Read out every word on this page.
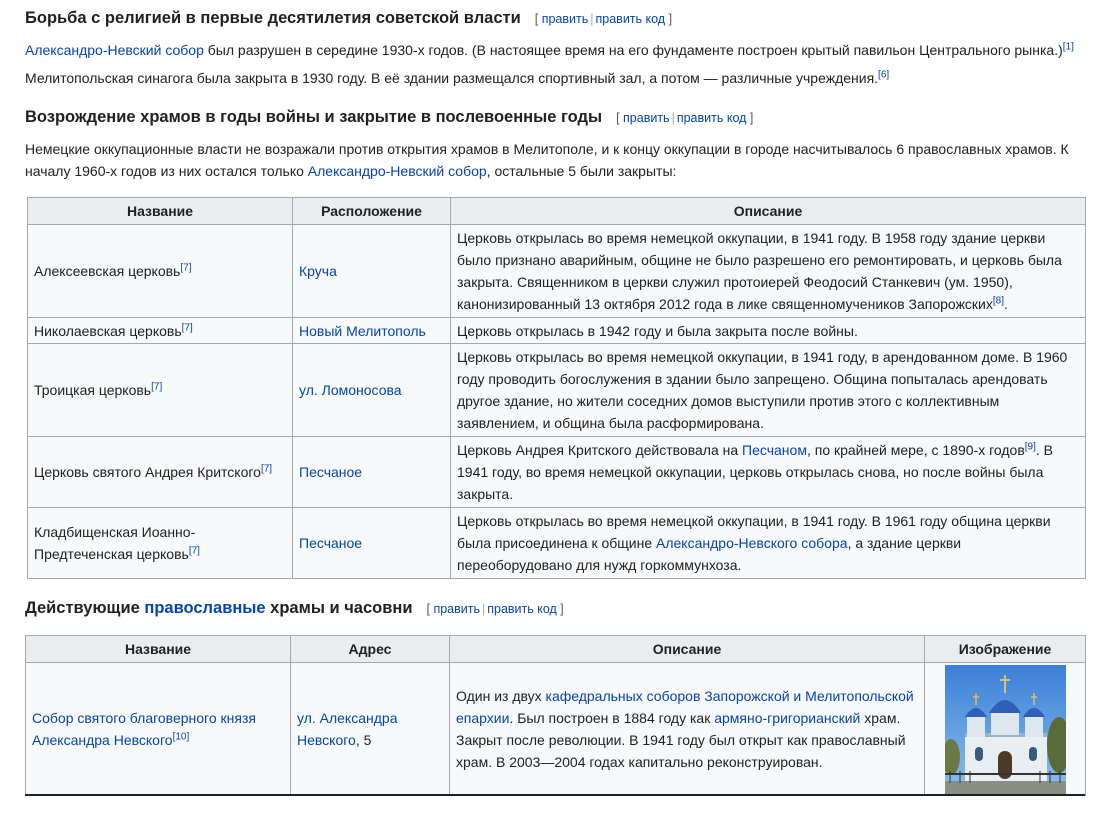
Борьба с религией в первые десятилетия советской власти [ править | править код ]

Александро-Невский собор был разрушен в середине 1930-х годов. (В настоящее время на его фундаменте построен крытый павильон Центрального рынка.)[1]

Мелитопольская синагога была закрыта в 1930 году. В её здании размещался спортивный зал, а потом — различные учреждения.[6]

Возрождение храмов в годы войны и закрытие в послевоенные годы [ править | править код ]

Немецкие оккупационные власти не возражали против открытия храмов в Мелитополе, и к концу оккупации в городе насчитывалось 6 православных храмов. К

началу 1960-х годов из них остался только Александро-Невский собор, остальные 5 были закрыты:

Название	Расположение	Описание
Алексеевская церковь[7]	Круча	Церковь открылась во время немецкой оккупации, в 1941 году. В 1958 году здание церкви было признано аварийным, общине не было разрешено его ремонтировать, и церковь была закрыта. Священником в церкви служил протоиерей Феодосий Станкевич (ум. 1950), канонизированный 13 октября 2012 года в лике священномучеников Запорожских[8].
Николаевская церковь[7]	Новый Мелитополь	Церковь открылась в 1942 году и была закрыта после войны.
Троицкая церковь[7]	ул. Ломоносова	Церковь открылась во время немецкой оккупации, в 1941 году, в арендованном доме. В 1960 году проводить богослужения в здании было запрещено. Община попыталась арендовать другое здание, но жители соседних домов выступили против этого с коллективным заявлением, и община была расформирована.
Церковь святого Андрея Критского[7]	Песчаное	Церковь Андрея Критского действовала на Песчаном, по крайней мере, с 1890-х годов[9]. В 1941 году, во время немецкой оккупации, церковь открылась снова, но после войны была закрыта.
Кладбищенская Иоанно-Предтеченская церковь[7]	Песчаное	Церковь открылась во время немецкой оккупации, в 1941 году. В 1961 году община церкви была присоединена к общине Александро-Невского собора, а здание церкви переоборудовано для нужд горкоммунхоза.
Действующие православные храмы и часовни [ править | править код ]
Название	Адрес	Описание	Изображение
Собор святого благоверного князя Александра Невского[10]	ул. Александра Невского, 5	Один из двух кафедральных соборов Запорожской и Мелитопольской епархии. Был построен в 1884 году как армяно-григорианский храм. Закрыт после революции. В 1941 году был открыт как православный храм. В 2003—2004 годах капитально реконструирован.	
